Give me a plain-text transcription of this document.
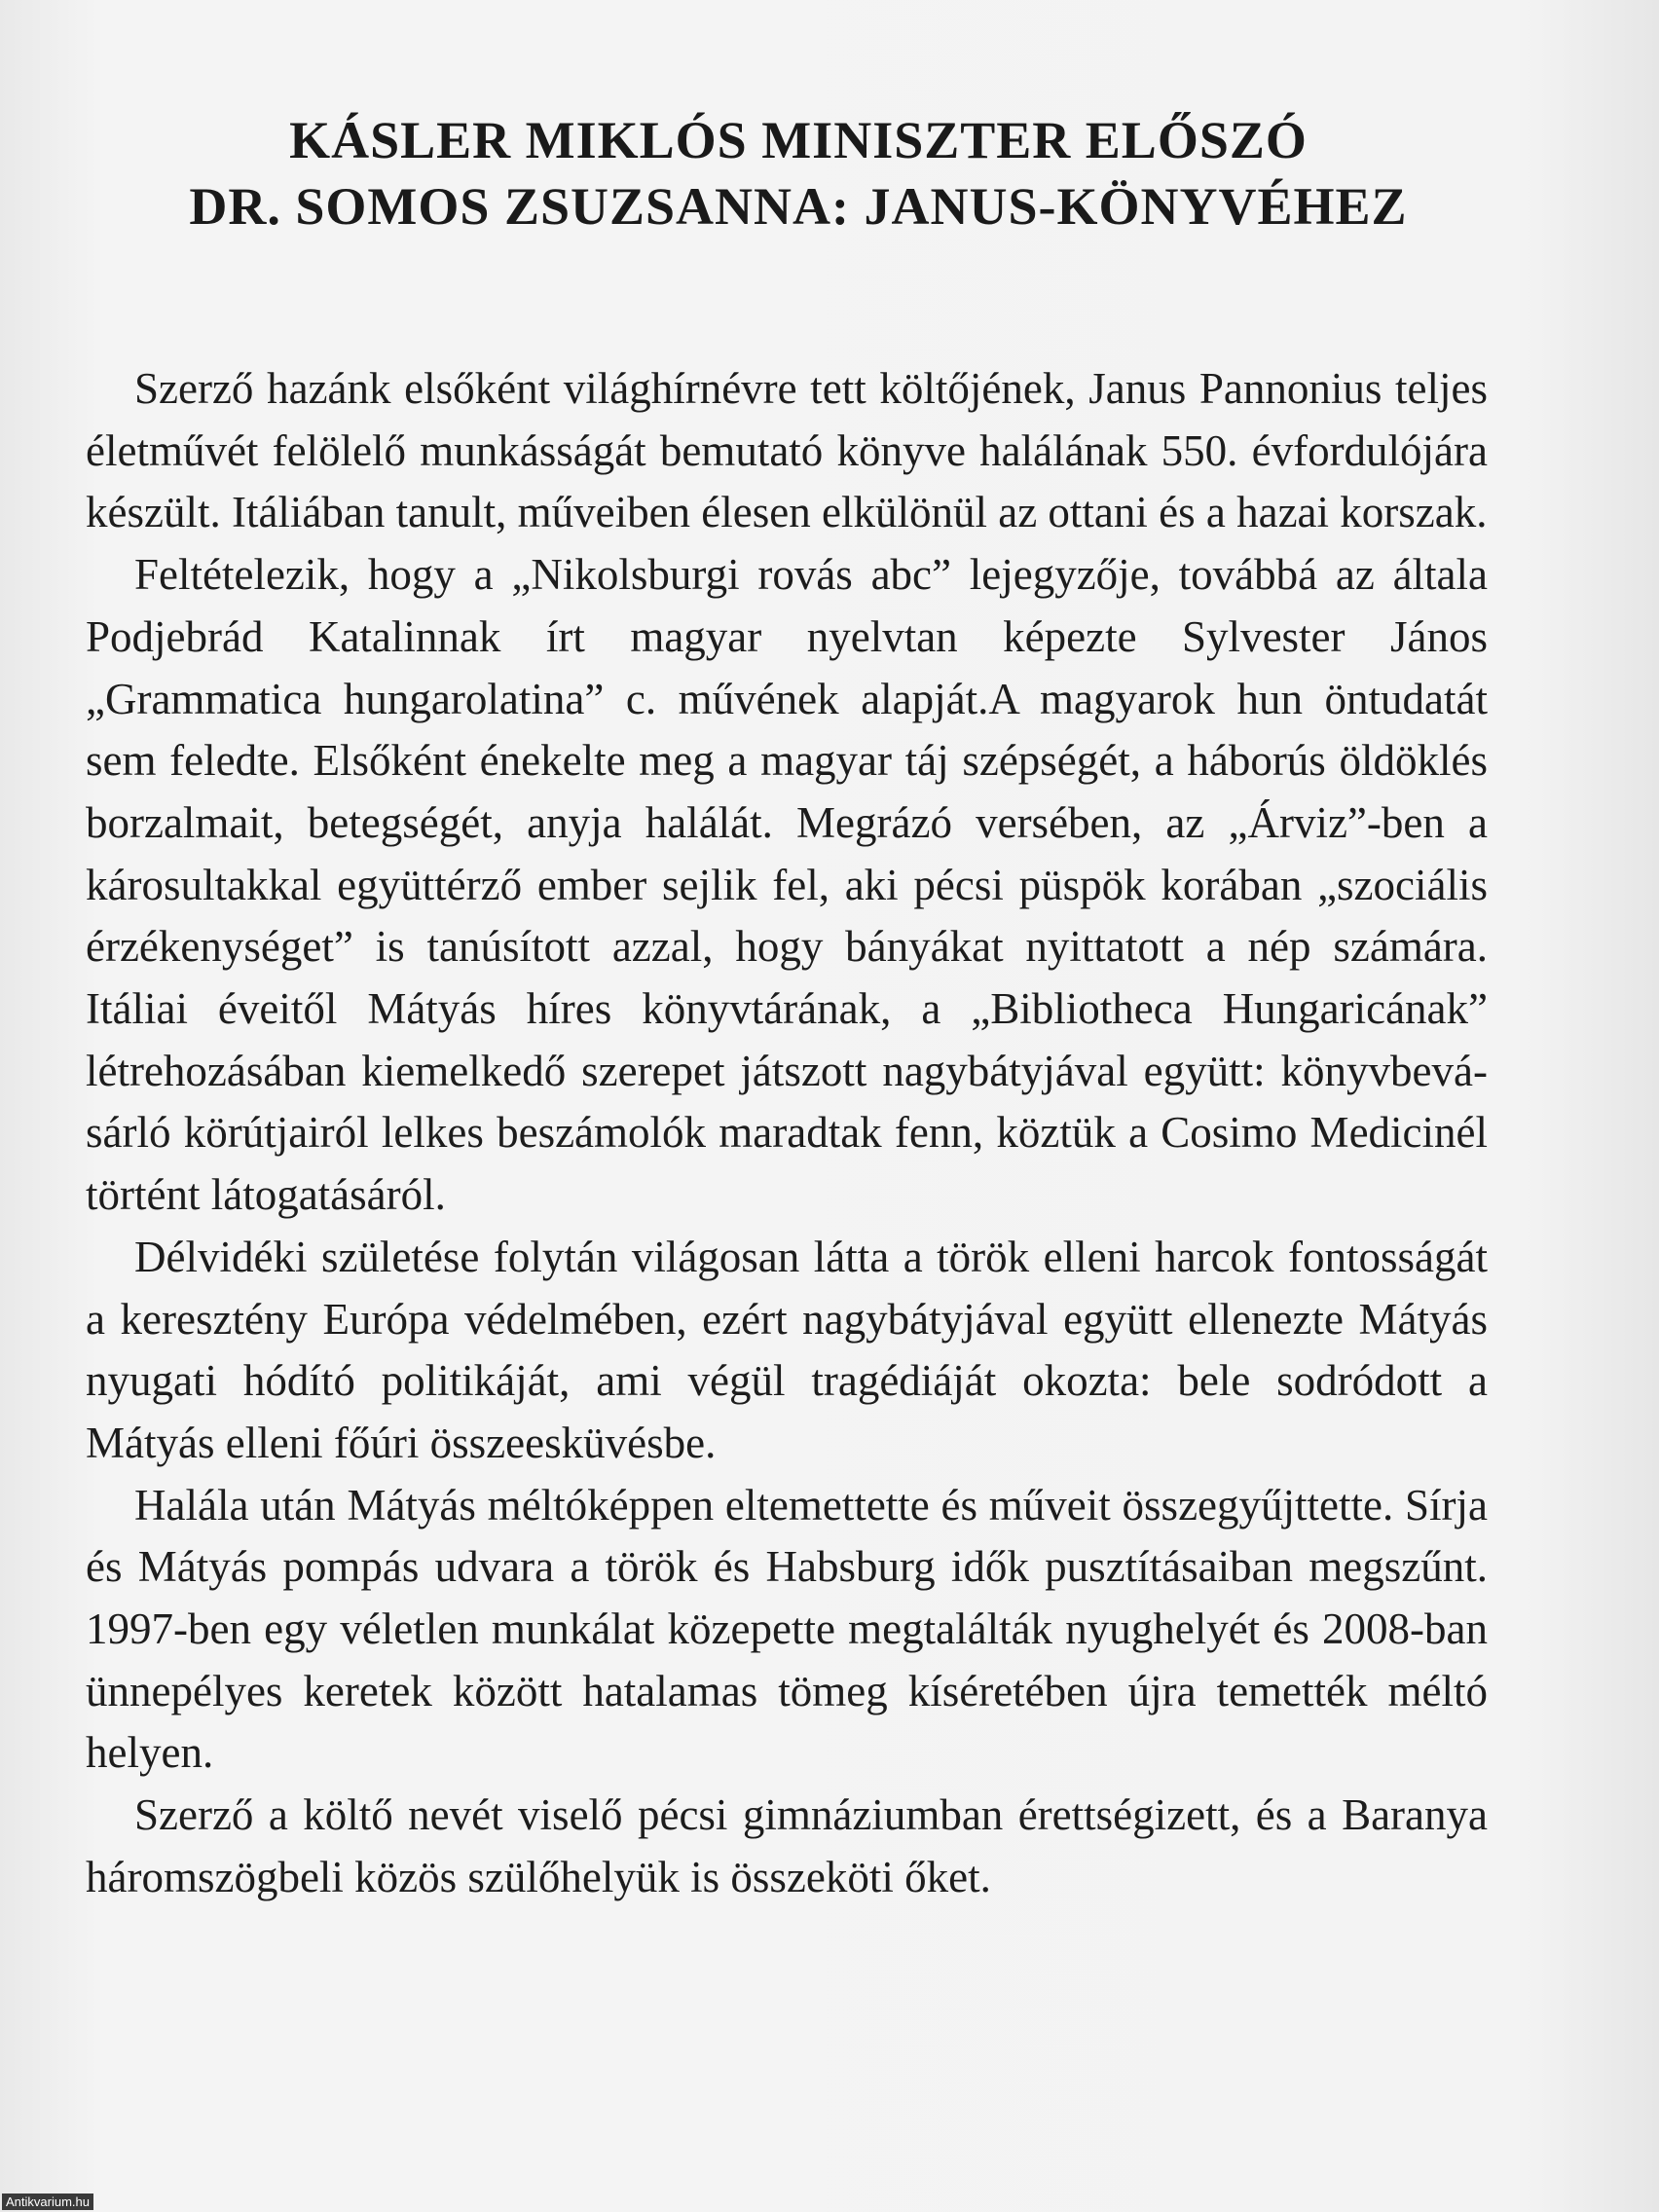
KÁSLER MIKLÓS MINISZTER ELŐSZÓ
DR. SOMOS ZSUZSANNA: JANUS-KÖNYVÉHEZ

Szerző hazánk elsőként világhírnévre tett költőjének, Janus Pannonius teljes életművét felölelő munkásságát bemutató könyve halálának 550. évfordulójára készült. Itáliában tanult, műveiben élesen elkülönül az ottani és a hazai korszak.

Feltételezik, hogy a „Nikolsburgi rovás abc” lejegyzője, továbbá az általa Podjebrád Katalinnak írt magyar nyelvtan képezte Sylvester János „Grammatica hungarolatina” c. művének alapját.A magyarok hun öntudatát sem feledte. Elsőként énekelte meg a magyar táj szépségét, a háborús öldöklés borzalmait, betegségét, anyja halálát. Megrázó versében, az „Árviz”-ben a károsultakkal együttérző ember sejlik fel, aki pécsi püspök korában „szociális érzékenységet” is tanúsított azzal, hogy bányákat nyittatott a nép számára. Itáliai éveitől Mátyás híres könyvtárának, a „Bibliotheca Hungaricának” létrehozásában kiemelkedő szerepet játszott nagybátyjával együtt: könyvbevásárló körútjairól lelkes beszámolók maradtak fenn, köztük a Cosimo Medicinél történt látogatásáról.

Délvidéki születése folytán világosan látta a török elleni harcok fontosságát a keresztény Európa védelmében, ezért nagybátyjával együtt ellenezte Mátyás nyugati hódító politikáját, ami végül tragédiáját okozta: bele sodródott a Mátyás elleni főúri összeesküvésbe.

Halála után Mátyás méltóképpen eltemettette és műveit összegyűjttette. Sírja és Mátyás pompás udvara a török és Habsburg idők pusztításaiban megszűnt. 1997-ben egy véletlen munkálat közepette megtalálták nyughelyét és 2008-ban ünnepélyes keretek között hatalamas tömeg kíséretében újra temették méltó helyen.

Szerző a költő nevét viselő pécsi gimnáziumban érettségizett, és a Baranya háromszögbeli közös szülőhelyük is összeköti őket.

Antikvarium.hu
